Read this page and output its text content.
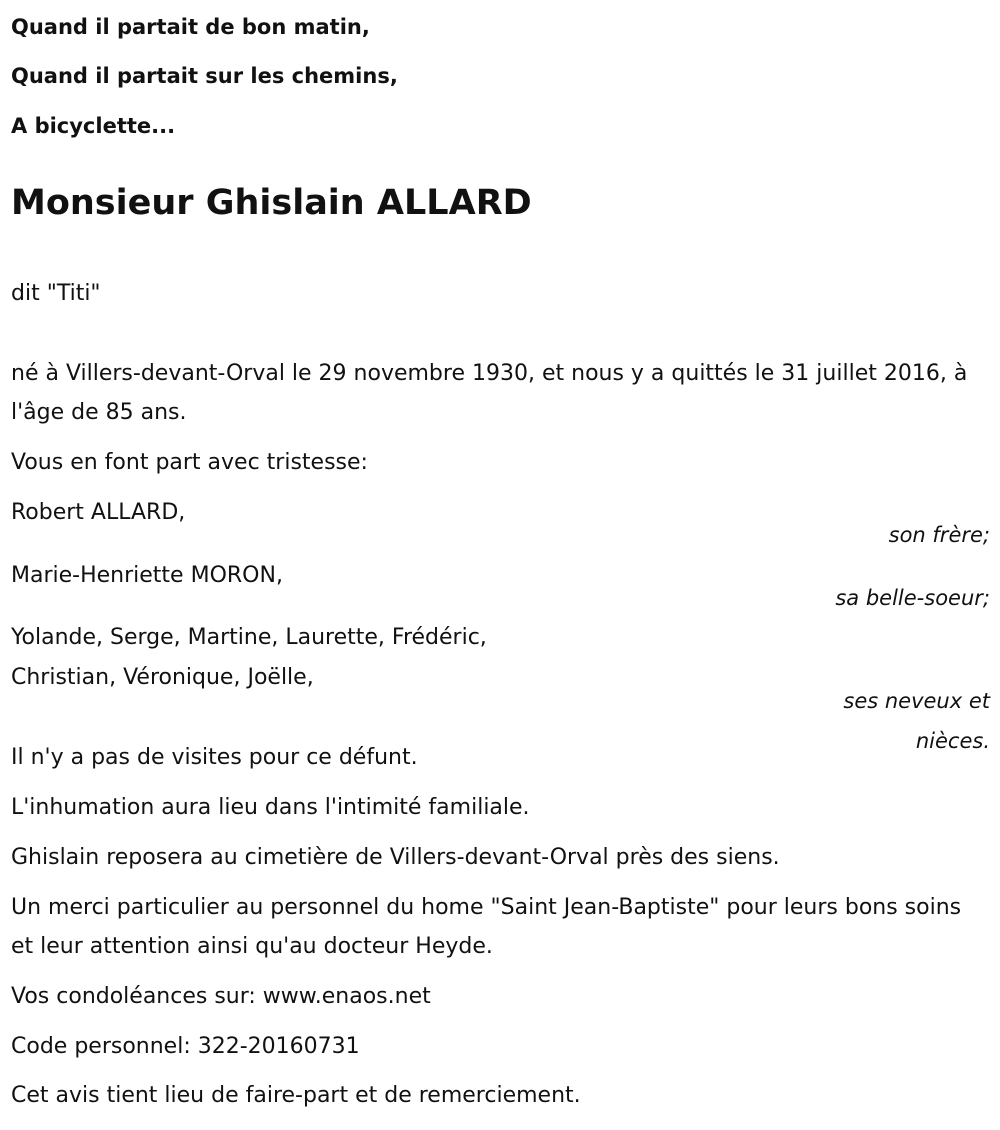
Quand il partait de bon matin,
Quand il partait sur les chemins,
A bicyclette...
Monsieur Ghislain ALLARD
dit "Titi"
né à Villers-devant-Orval le 29 novembre 1930, et nous y a quittés le 31 juillet 2016, à l'âge de 85 ans.
Vous en font part avec tristesse:
Robert ALLARD,
son frère;
Marie-Henriette MORON,
sa belle-soeur;
Yolande, Serge, Martine, Laurette, Frédéric,
Christian, Véronique, Joëlle,
ses neveux et
nièces.
Il n'y a pas de visites pour ce défunt.
L'inhumation aura lieu dans l'intimité familiale.
Ghislain reposera au cimetière de Villers-devant-Orval près des siens.
Un merci particulier au personnel du home "Saint Jean-Baptiste" pour leurs bons soins et leur attention ainsi qu'au docteur Heyde.
Vos condoléances sur: www.enaos.net
Code personnel: 322-20160731
Cet avis tient lieu de faire-part et de remerciement.
